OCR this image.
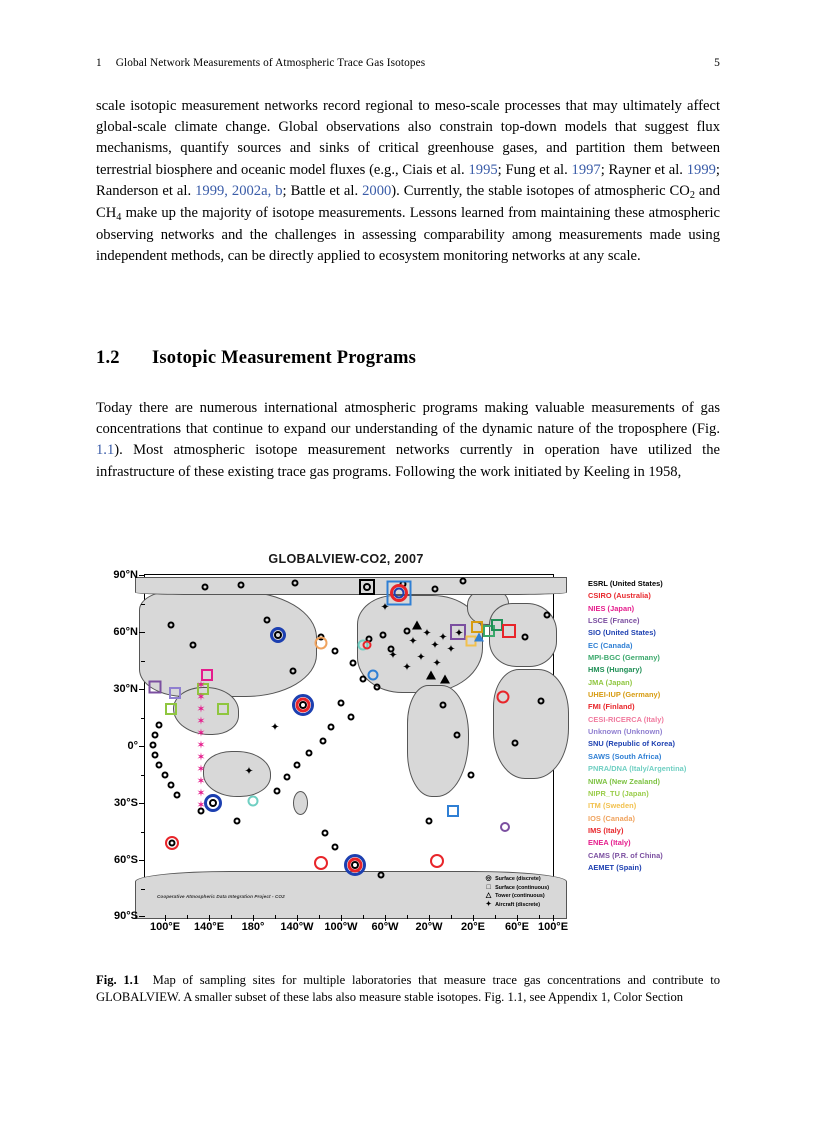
1 Global Network Measurements of Atmospheric Trace Gas Isotopes	5
scale isotopic measurement networks record regional to meso-scale processes that may ultimately affect global-scale climate change. Global observations also constrain top-down models that suggest flux mechanisms, quantify sources and sinks of critical greenhouse gases, and partition them between terrestrial biosphere and oceanic model fluxes (e.g., Ciais et al. 1995; Fung et al. 1997; Rayner et al. 1999; Randerson et al. 1999, 2002a, b; Battle et al. 2000). Currently, the stable isotopes of atmospheric $CO_2$ and $CH_4$ make up the majority of isotope measurements. Lessons learned from maintaining these atmospheric observing networks and the challenges in assessing comparability among measurements made using independent methods, can be directly applied to ecosystem monitoring networks at any scale.
1.2 Isotopic Measurement Programs
Today there are numerous international atmospheric programs making valuable measurements of gas concentrations that continue to expand our understanding of the dynamic nature of the troposphere (Fig. 1.1). Most atmospheric isotope measurement networks currently in operation have utilized the infrastructure of these existing trace gas programs. Following the work initiated by Keeling in 1958,
GLOBALVIEW-CO2, 2007
90°N
60°N
30°N
0°
30°S
60°S
90°S
100°E 140°E 180° 140°W 100°W 60°W 20°W 20°E 60°E 100°E
✶
✶
✶
✶
✶
✶
✶
✶
✶
✶
✶
✦
✦
✦
✦
✦
✦
✦ ✦
✦
✦
✦
✦
✦
◎ Surface (discrete)
□ Surface (continuous)
△ Tower (continuous)
✦ Aircraft (discrete)
Cooperative Atmospheric Data Integration Project - CO2
ESRL (United States)
CSIRO (Australia)
NIES (Japan)
LSCE (France)
SIO (United States)
EC (Canada)
MPI-BGC (Germany)
HMS (Hungary)
JMA (Japan)
UHEI-IUP (Germany)
FMI (Finland)
CESI-RICERCA (Italy)
Unknown (Unknown)
SNU (Republic of Korea)
SAWS (South Africa)
PNRA/DNA (Italy/Argentina)
NIWA (New Zealand)
NIPR_TU (Japan)
ITM (Sweden)
IOS (Canada)
IMS (Italy)
ENEA (Italy)
CAMS (P.R. of China)
AEMET (Spain)
Fig. 1.1 Map of sampling sites for multiple laboratories that measure trace gas concentrations and contribute to GLOBALVIEW. A smaller subset of these labs also measure stable isotopes. Fig. 1.1, see Appendix 1, Color Section
